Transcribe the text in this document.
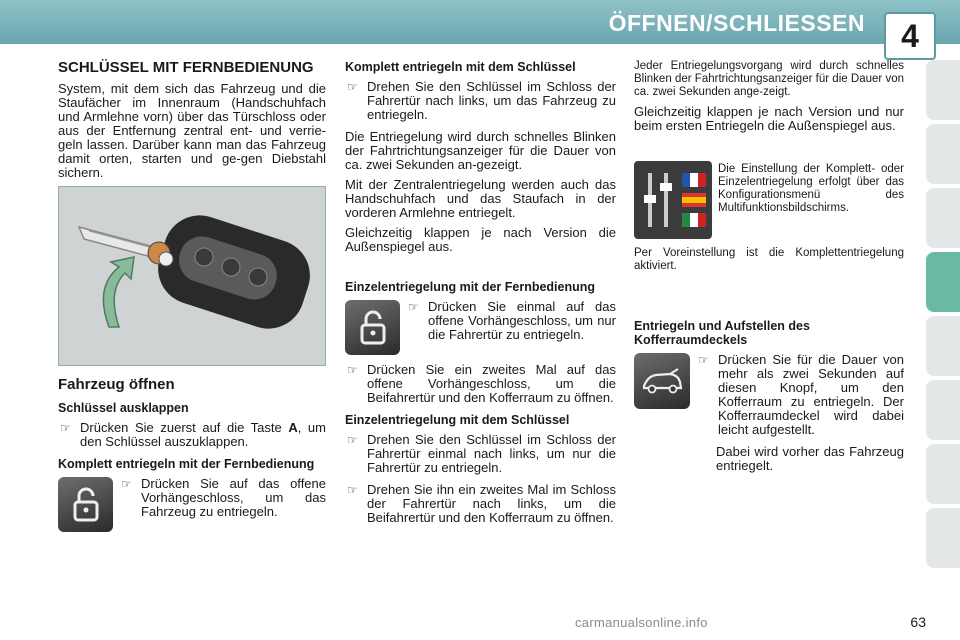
ÖFFNEN/SCHLIESSEN	4
SCHLÜSSEL MIT FERNBEDIENUNG

System, mit dem sich das Fahrzeug und die Staufächer im Innenraum (Handschuhfach und Armlehne vorn) über das Türschloss oder aus der Entfernung zentral ent- und verrie-geln lassen. Darüber kann man das Fahrzeug damit orten, starten und ge-gen Diebstahl sichern.

Fahrzeug öffnen
Schlüssel ausklappen
☞ Drücken Sie zuerst auf die Taste A, um den Schlüssel auszuklappen.
Komplett entriegeln mit der Fernbedienung
☞ Drücken Sie auf das offene Vorhängeschloss, um das Fahrzeug zu entriegeln.
Komplett entriegeln mit dem Schlüssel
☞ Drehen Sie den Schlüssel im Schloss der Fahrertür nach links, um das Fahrzeug zu entriegeln.

Die Entriegelung wird durch schnelles Blinken der Fahrtrichtungsanzeiger für die Dauer von ca. zwei Sekunden an-gezeigt.

Mit der Zentralentriegelung werden auch das Handschuhfach und das Staufach in der vorderen Armlehne entriegelt.

Gleichzeitig klappen je nach Version die Außenspiegel aus.

Einzelentriegelung mit der Fernbedienung
☞ Drücken Sie einmal auf das offene Vorhängeschloss, um nur die Fahrertür zu entriegeln.
☞ Drücken Sie ein zweites Mal auf das offene Vorhängeschloss, um die Beifahrertür und den Kofferraum zu öffnen.
Einzelentriegelung mit dem Schlüssel
☞ Drehen Sie den Schlüssel im Schloss der Fahrertür einmal nach links, um nur die Fahrertür zu entriegeln.
☞ Drehen Sie ihn ein zweites Mal im Schloss der Fahrertür nach links, um die Beifahrertür und den Kofferraum zu öffnen.

Jeder Entriegelungsvorgang wird durch schnelles Blinken der Fahrtrichtungsanzeiger für die Dauer von ca. zwei Sekunden ange-zeigt.

Gleichzeitig klappen je nach Version und nur beim ersten Entriegeln die Außenspiegel aus.

Die Einstellung der Komplett- oder Einzelentriegelung erfolgt über das Konfigurationsmenü des Multifunktionsbildschirms.

Per Voreinstellung ist die Komplettentriegelung aktiviert.

Entriegeln und Aufstellen des Kofferraumdeckels
☞ Drücken Sie für die Dauer von mehr als zwei Sekunden auf diesen Knopf, um den Kofferraum zu entriegeln. Der Kofferraumdeckel wird dabei leicht aufgestellt.

Dabei wird vorher das Fahrzeug entriegelt.

carmanualsonline.info	63
